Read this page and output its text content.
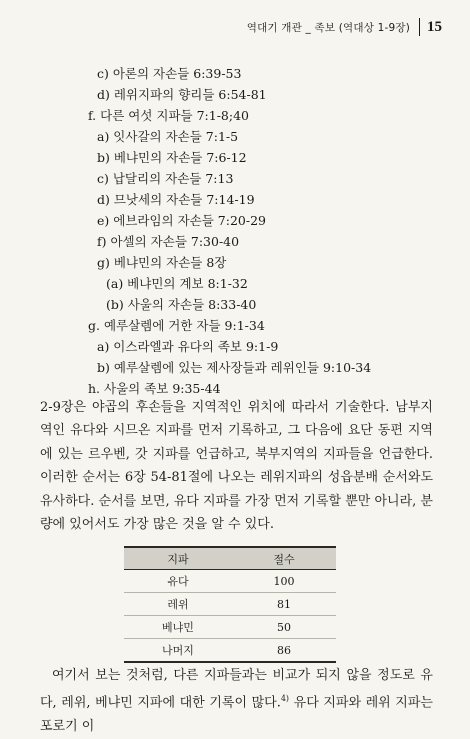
역대기 개관 _ 족보 (역대상 1-9장) 15
c) 아론의 자손들 6:39-53
d) 레위지파의 향리들 6:54-81
f. 다른 여섯 지파들 7:1-8;40
a) 잇사갈의 자손들 7:1-5
b) 베냐민의 자손들 7:6-12
c) 납달리의 자손들 7:13
d) 므낫세의 자손들 7:14-19
e) 에브라임의 자손들 7:20-29
f) 아셀의 자손들 7:30-40
g) 베냐민의 자손들 8장
(a) 베냐민의 계보 8:1-32
(b) 사울의 자손들 8:33-40
g. 예루살렘에 거한 자들 9:1-34
a) 이스라엘과 유다의 족보 9:1-9
b) 예루살렘에 있는 제사장들과 레위인들 9:10-34
h. 사울의 족보 9:35-44

2-9장은 야곱의 후손들을 지역적인 위치에 따라서 기술한다. 남부지역인 유다와 시므온 지파를 먼저 기록하고, 그 다음에 요단 동편 지역에 있는 르우벤, 갓 지파를 언급하고, 북부지역의 지파들을 언급한다. 이러한 순서는 6장 54-81절에 나오는 레위지파의 성읍분배 순서와도 유사하다. 순서를 보면, 유다 지파를 가장 먼저 기록할 뿐만 아니라, 분량에 있어서도 가장 많은 것을 알 수 있다.

지파	절수
유다	100
레위	81
베냐민	50
나머지	86

여기서 보는 것처럼, 다른 지파들과는 비교가 되지 않을 정도로 유다, 레위, 베냐민 지파에 대한 기록이 많다.$^{4)}$ 유다 지파와 레위 지파는 포로기 이
